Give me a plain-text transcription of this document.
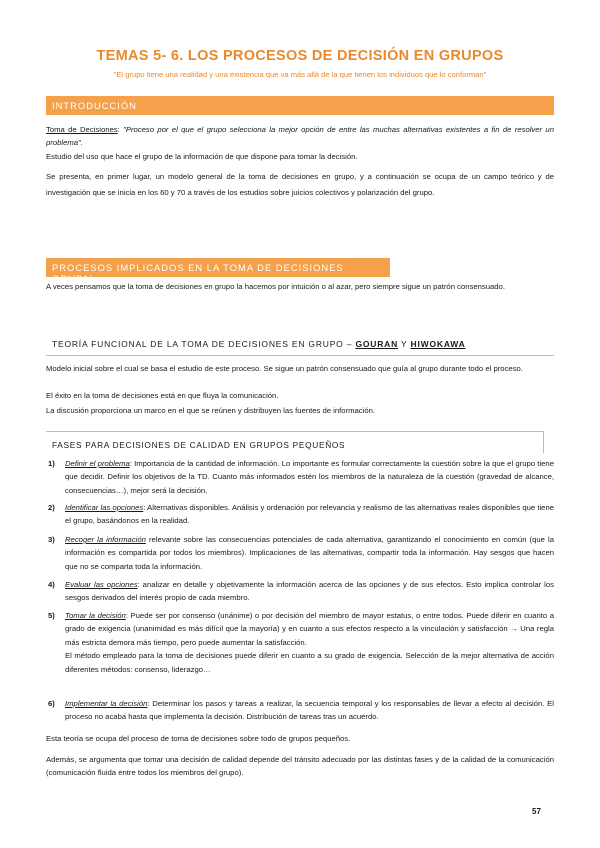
TEMAS 5- 6. LOS PROCESOS DE DECISIÓN EN GRUPOS
"El grupo tiene una realidad y una existencia que va más allá de la que tienen los individuos que lo conforman"
INTRODUCCIÓN

Toma de Decisiones: "Proceso por el que el grupo selecciona la mejor opción de entre las muchas alternativas existentes a fin de resolver un problema".

Estudio del uso que hace el grupo de la información de que dispone para tomar la decisión.

Se presenta, en primer lugar, un modelo general de la toma de decisiones en grupo, y a continuación se ocupa de un campo teórico y de investigación que se inicia en los 60 y 70 a través de los estudios sobre juicios colectivos y polarización del grupo.

PROCESOS IMPLICADOS EN LA TOMA DE DECISIONES GRUPAL

A veces pensamos que la toma de decisiones en grupo la hacemos por intuición o al azar, pero siempre sigue un patrón consensuado.

TEORÍA FUNCIONAL DE LA TOMA DE DECISIONES EN GRUPO – GOURAN Y HIWOKAWA

Modelo inicial sobre el cual se basa el estudio de este proceso. Se sigue un patrón consensuado que guía al grupo durante todo el proceso.

El éxito en la toma de decisiones está en que fluya la comunicación.

La discusión proporciona un marco en el que se reúnen y distribuyen las fuentes de información.

FASES PARA DECISIONES DE CALIDAD EN GRUPOS PEQUEÑOS
1) Definir el problema: Importancia de la cantidad de información. Lo importante es formular correctamente la cuestión sobre la que el grupo tiene que decidir. Definir los objetivos de la TD. Cuanto más informados estén los miembros de la naturaleza de la cuestión (gravedad de alcance, consecuencias…), mejor será la decisión.
2) Identificar las opciones: Alternativas disponibles. Análisis y ordenación por relevancia y realismo de las alternativas reales disponibles que tiene el grupo, basándonos en la realidad.
3) Recoger la información relevante sobre las consecuencias potenciales de cada alternativa, garantizando el conocimiento en común (que la información es compartida por todos los miembros). Implicaciones de las alternativas, compartir toda la información. Hay sesgos que hacen que no se comparta toda la información.
4) Evaluar las opciones: analizar en detalle y objetivamente la información acerca de las opciones y de sus efectos. Esto implica controlar los sesgos derivados del interés propio de cada miembro.
5) Tomar la decisión: Puede ser por consenso (unánime) o por decisión del miembro de mayor estatus, o entre todos. Puede diferir en cuanto a grado de exigencia (unanimidad es más difícil que la mayoría) y en cuanto a sus efectos respecto a la vinculación y satisfacción → Una regla más estricta demora más tiempo, pero puede aumentar la satisfacción.
El método empleado para la toma de decisiones puede diferir en cuanto a su grado de exigencia. Selección de la mejor alternativa de acción diferentes métodos: consenso, liderazgo…
6) Implementar la decisión: Determinar los pasos y tareas a realizar, la secuencia temporal y los responsables de llevar a efecto al decisión. El proceso no acaba hasta que implementa la decisión. Distribución de tareas tras un acuerdo.

Esta teoría se ocupa del proceso de toma de decisiones sobre todo de grupos pequeños.

Además, se argumenta que tomar una decisión de calidad depende del tránsito adecuado por las distintas fases y de la calidad de la comunicación (comunicación fluida entre todos los miembros del grupo).

57
